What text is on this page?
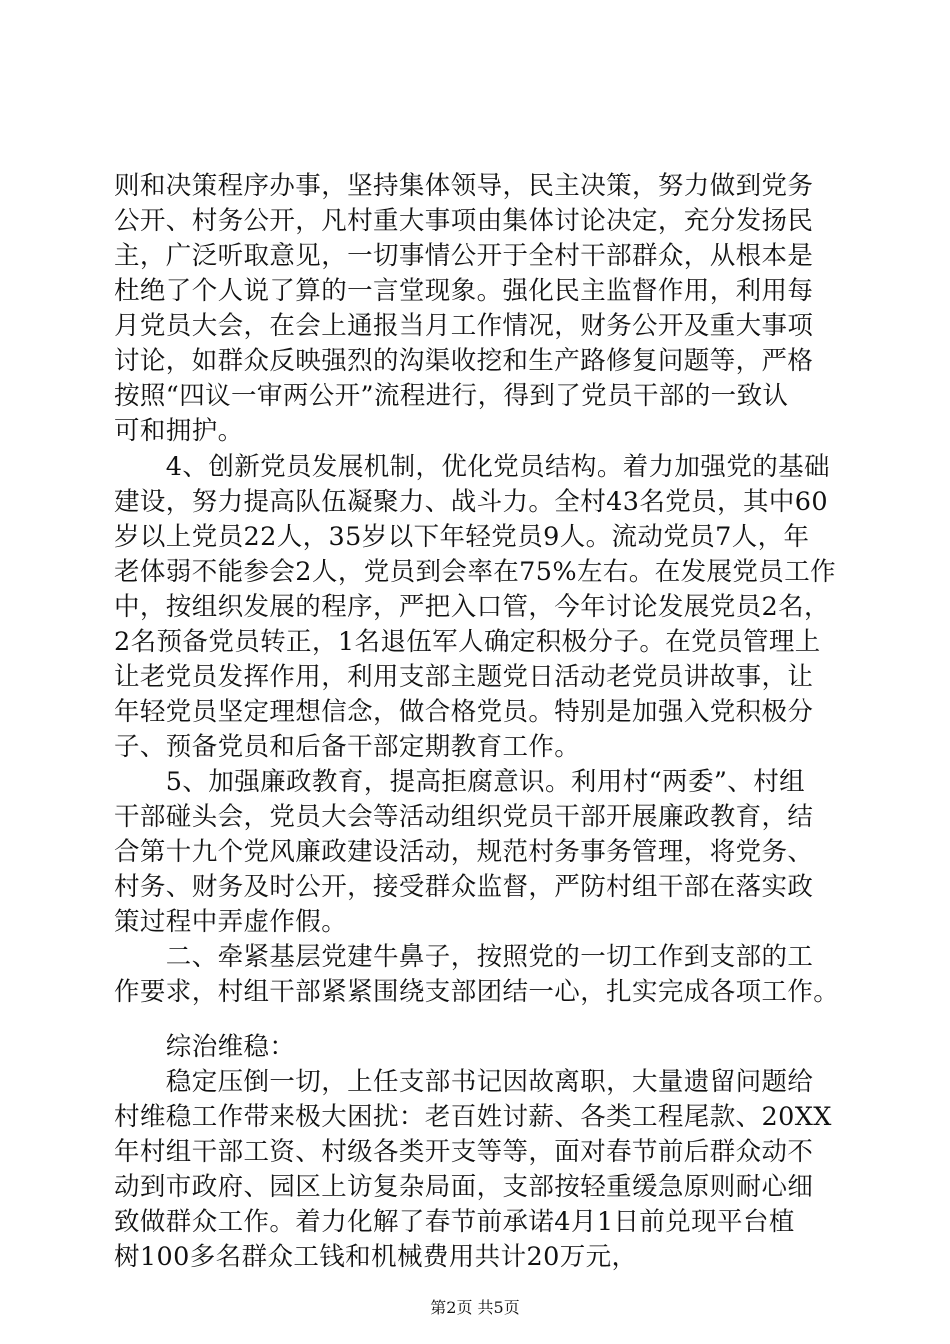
则和决策程序办事，坚持集体领导，民主决策，努力做到党务
公开、村务公开，凡村重大事项由集体讨论决定，充分发扬民
主，广泛听取意见，一切事情公开于全村干部群众，从根本是
杜绝了个人说了算的一言堂现象。强化民主监督作用，利用每
月党员大会，在会上通报当月工作情况，财务公开及重大事项
讨论，如群众反映强烈的沟渠收挖和生产路修复问题等，严格
按照“四议一审两公开”流程进行，得到了党员干部的一致认
可和拥护。
　　4、创新党员发展机制，优化党员结构。着力加强党的基础
建设，努力提高队伍凝聚力、战斗力。全村43名党员，其中60
岁以上党员22人，35岁以下年轻党员9人。流动党员7人，年
老体弱不能参会2人，党员到会率在75%左右。在发展党员工作
中，按组织发展的程序，严把入口管，今年讨论发展党员2名，
2名预备党员转正，1名退伍军人确定积极分子。在党员管理上
让老党员发挥作用，利用支部主题党日活动老党员讲故事，让
年轻党员坚定理想信念，做合格党员。特别是加强入党积极分
子、预备党员和后备干部定期教育工作。
　　5、加强廉政教育，提高拒腐意识。利用村“两委”、村组
干部碰头会，党员大会等活动组织党员干部开展廉政教育，结
合第十九个党风廉政建设活动，规范村务事务管理，将党务、
村务、财务及时公开，接受群众监督，严防村组干部在落实政
策过程中弄虚作假。
　　二、牵紧基层党建牛鼻子，按照党的一切工作到支部的工
作要求，村组干部紧紧围绕支部团结一心，扎实完成各项工作。
　　综治维稳：
　　稳定压倒一切，上任支部书记因故离职，大量遗留问题给
村维稳工作带来极大困扰：老百姓讨薪、各类工程尾款、20XX
年村组干部工资、村级各类开支等等，面对春节前后群众动不
动到市政府、园区上访复杂局面，支部按轻重缓急原则耐心细
致做群众工作。着力化解了春节前承诺4月1日前兑现平台植
树100多名群众工钱和机械费用共计20万元，
第2页 共5页
